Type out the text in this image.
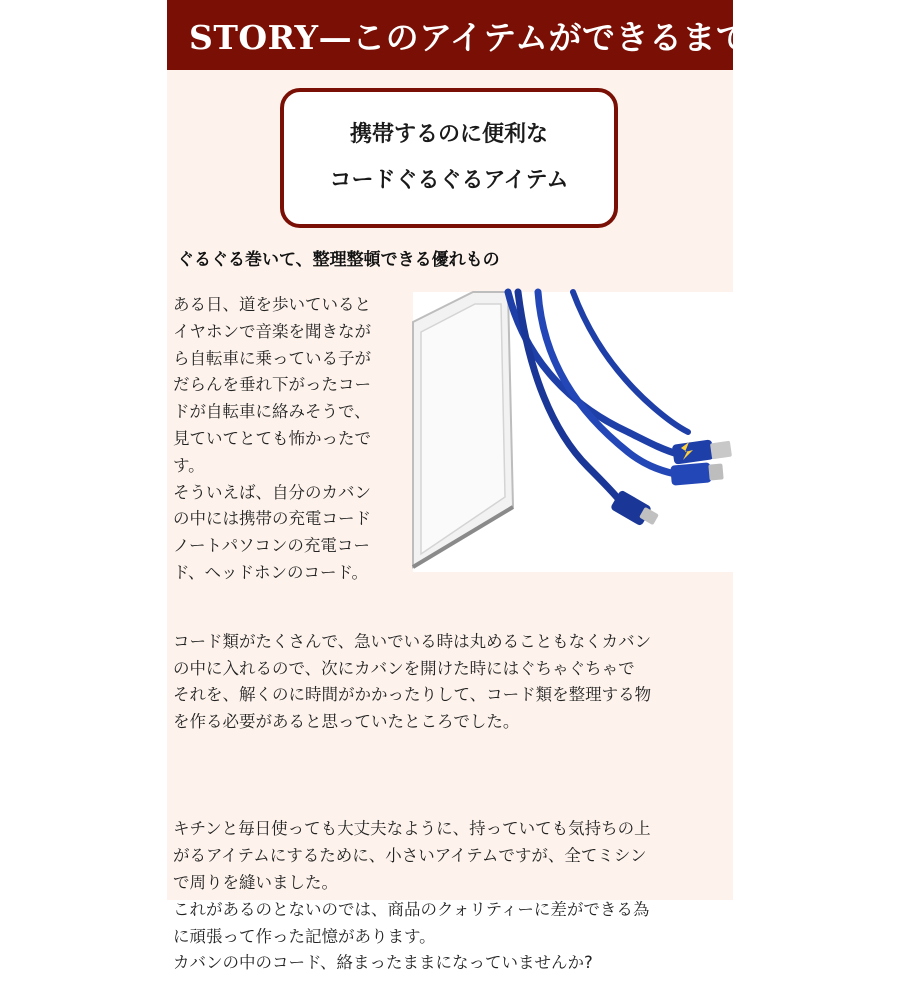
STORY—このアイテムができるまで
携帯するのに便利な
コードぐるぐるアイテム
ぐるぐる巻いて、整理整頓できる優れもの
ある日、道を歩いていると
イヤホンで音楽を聞きなが
ら自転車に乗っている子が
だらんを垂れ下がったコー
ドが自転車に絡みそうで、
見ていてとても怖かったで
す。
そういえば、自分のカバン
の中には携帯の充電コード
ノートパソコンの充電コー
ド、ヘッドホンのコード。

コード類がたくさんで、急いでいる時は丸めることもなくカバン
の中に入れるので、次にカバンを開けた時にはぐちゃぐちゃで
それを、解くのに時間がかかったりして、コード類を整理する物
を作る必要があると思っていたところでした。

キチンと毎日使っても大丈夫なように、持っていても気持ちの上
がるアイテムにするために、小さいアイテムですが、全てミシン
で周りを縫いました。
これがあるのとないのでは、商品のクォリティーに差ができる為
に頑張って作った記憶があります。
カバンの中のコード、絡まったままになっていませんか?
